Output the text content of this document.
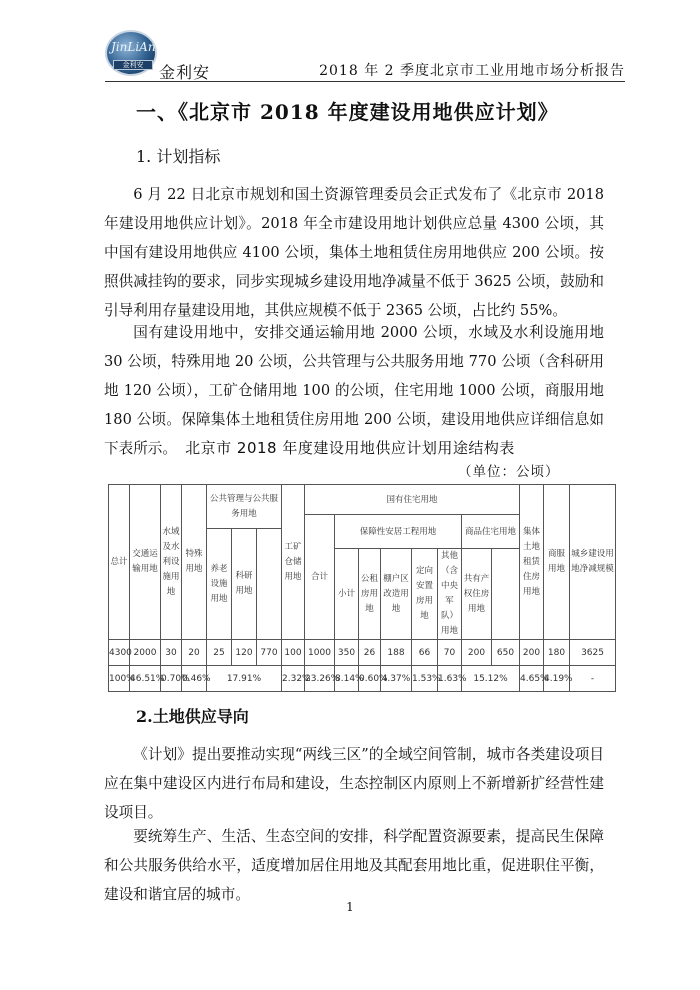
JinLiAn
金利安 金利安	2018 年 2 季度北京市工业用地市场分析报告
一、《北京市 2018 年度建设用地供应计划》
1. 计划指标

6 月 22 日北京市规划和国土资源管理委员会正式发布了《北京市 2018 年建设用地供应计划》。2018 年全市建设用地计划供应总量 4300 公顷，其中国有建设用地供应 4100 公顷，集体土地租赁住房用地供应 200 公顷。按照供减挂钩的要求，同步实现城乡建设用地净减量不低于 3625 公顷，鼓励和引导利用存量建设用地，其供应规模不低于 2365 公顷，占比约 55%。

国有建设用地中，安排交通运输用地 2000 公顷，水域及水利设施用地 30 公顷，特殊用地 20 公顷，公共管理与公共服务用地 770 公顷（含科研用地 120 公顷），工矿仓储用地 100 的公顷，住宅用地 1000 公顷，商服用地 180 公顷。保障集体土地租赁住房用地 200 公顷，建设用地供应详细信息如下表所示。 北京市 2018 年度建设用地供应计划用途结构表
（单位：公顷）
总计	交通运输用地	水域及水利设施用地	特殊用地	公共管理与公共服务用地			工矿仓储用地	国有住宅用地								集体土地租赁住房用地	商服用地	城乡建设用地净减规模
								合计	保障性安居工程用地					商品住宅用地				
				养老设施用地	科研用地													
									小计	公租房用地	棚户区改造用地	定向安置房用地	其他（含中央军队）用地	共有产权住房用地				
4300	2000	30	20	25	120	770	100	1000	350	26	188	66	70	200	650	200	180	3625
100%	46.51%	0.70%	0.46%	17.91%			2.32%	23.26%	8.14%	0.60%	4.37%	1.53%	1.63%	15.12%		4.65%	4.19%	-
2.土地供应导向

《计划》提出要推动实现“两线三区”的全域空间管制，城市各类建设项目应在集中建设区内进行布局和建设，生态控制区内原则上不新增新扩经营性建设项目。

要统筹生产、生活、生态空间的安排，科学配置资源要素，提高民生保障和公共服务供给水平，适度增加居住用地及其配套用地比重，促进职住平衡，建设和谐宜居的城市。

1
